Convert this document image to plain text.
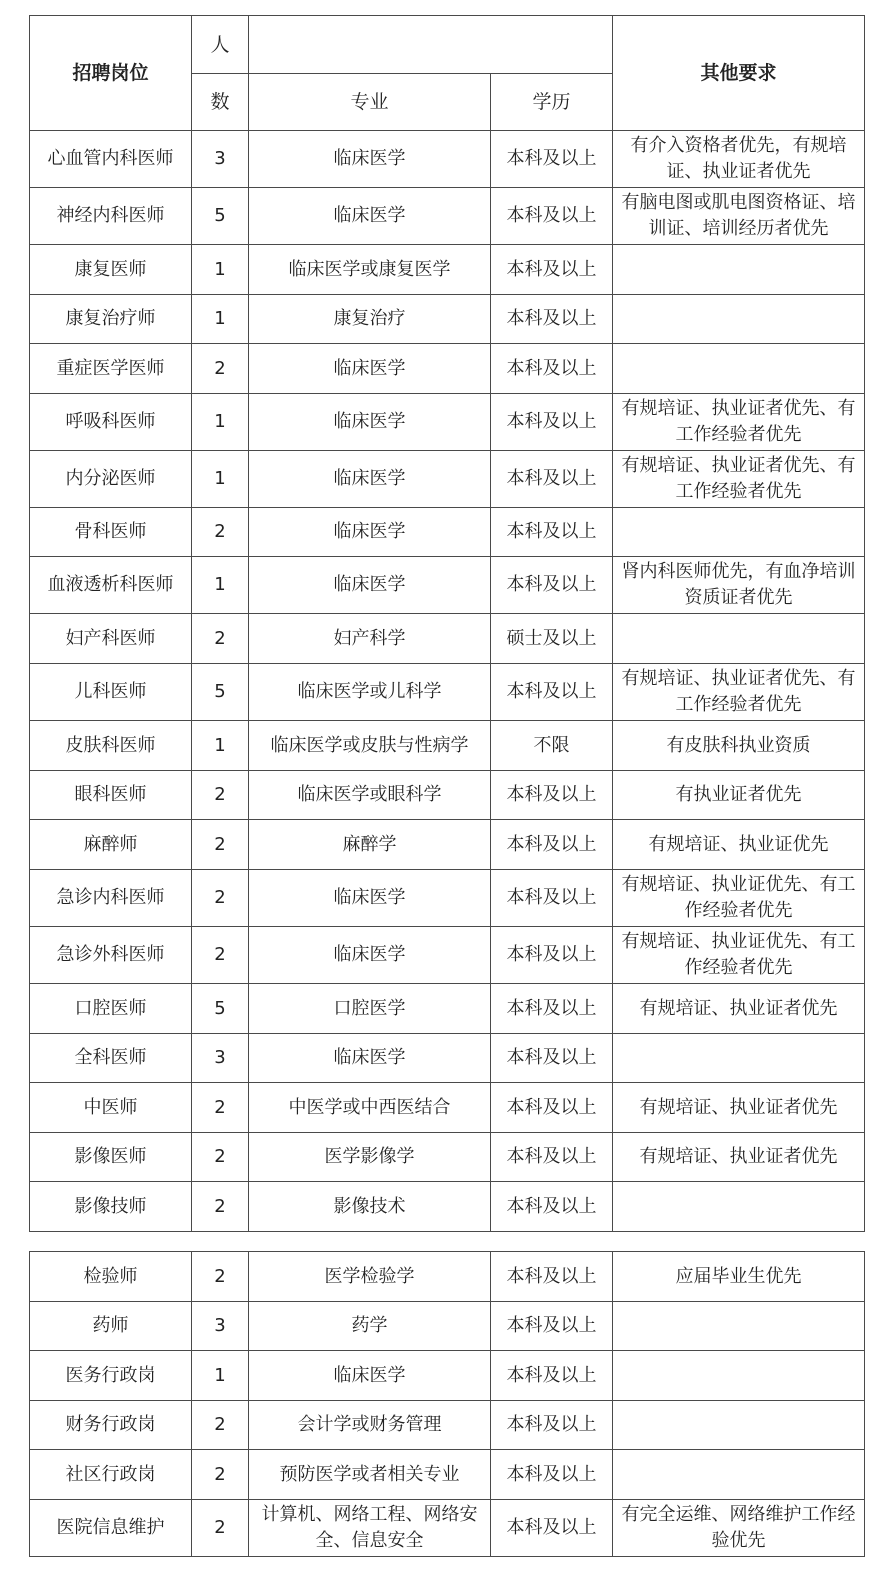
招聘岗位	人			其他要求
	数	专业	学历	
心血管内科医师	3	临床医学	本科及以上	有介入资格者优先，有规培证、执业证者优先
神经内科医师	5	临床医学	本科及以上	有脑电图或肌电图资格证、培训证、培训经历者优先
康复医师	1	临床医学或康复医学	本科及以上	
康复治疗师	1	康复治疗	本科及以上	
重症医学医师	2	临床医学	本科及以上	
呼吸科医师	1	临床医学	本科及以上	有规培证、执业证者优先、有工作经验者优先
内分泌医师	1	临床医学	本科及以上	有规培证、执业证者优先、有工作经验者优先
骨科医师	2	临床医学	本科及以上	
血液透析科医师	1	临床医学	本科及以上	肾内科医师优先，有血净培训资质证者优先
妇产科医师	2	妇产科学	硕士及以上	
儿科医师	5	临床医学或儿科学	本科及以上	有规培证、执业证者优先、有工作经验者优先
皮肤科医师	1	临床医学或皮肤与性病学	不限	有皮肤科执业资质
眼科医师	2	临床医学或眼科学	本科及以上	有执业证者优先
麻醉师	2	麻醉学	本科及以上	有规培证、执业证优先
急诊内科医师	2	临床医学	本科及以上	有规培证、执业证优先、有工作经验者优先
急诊外科医师	2	临床医学	本科及以上	有规培证、执业证优先、有工作经验者优先
口腔医师	5	口腔医学	本科及以上	有规培证、执业证者优先
全科医师	3	临床医学	本科及以上	
中医师	2	中医学或中西医结合	本科及以上	有规培证、执业证者优先
影像医师	2	医学影像学	本科及以上	有规培证、执业证者优先
影像技师	2	影像技术	本科及以上	
检验师	2	医学检验学	本科及以上	应届毕业生优先
药师	3	药学	本科及以上	
医务行政岗	1	临床医学	本科及以上	
财务行政岗	2	会计学或财务管理	本科及以上	
社区行政岗	2	预防医学或者相关专业	本科及以上	
医院信息维护	2	计算机、网络工程、网络安全、信息安全	本科及以上	有完全运维、网络维护工作经验优先
